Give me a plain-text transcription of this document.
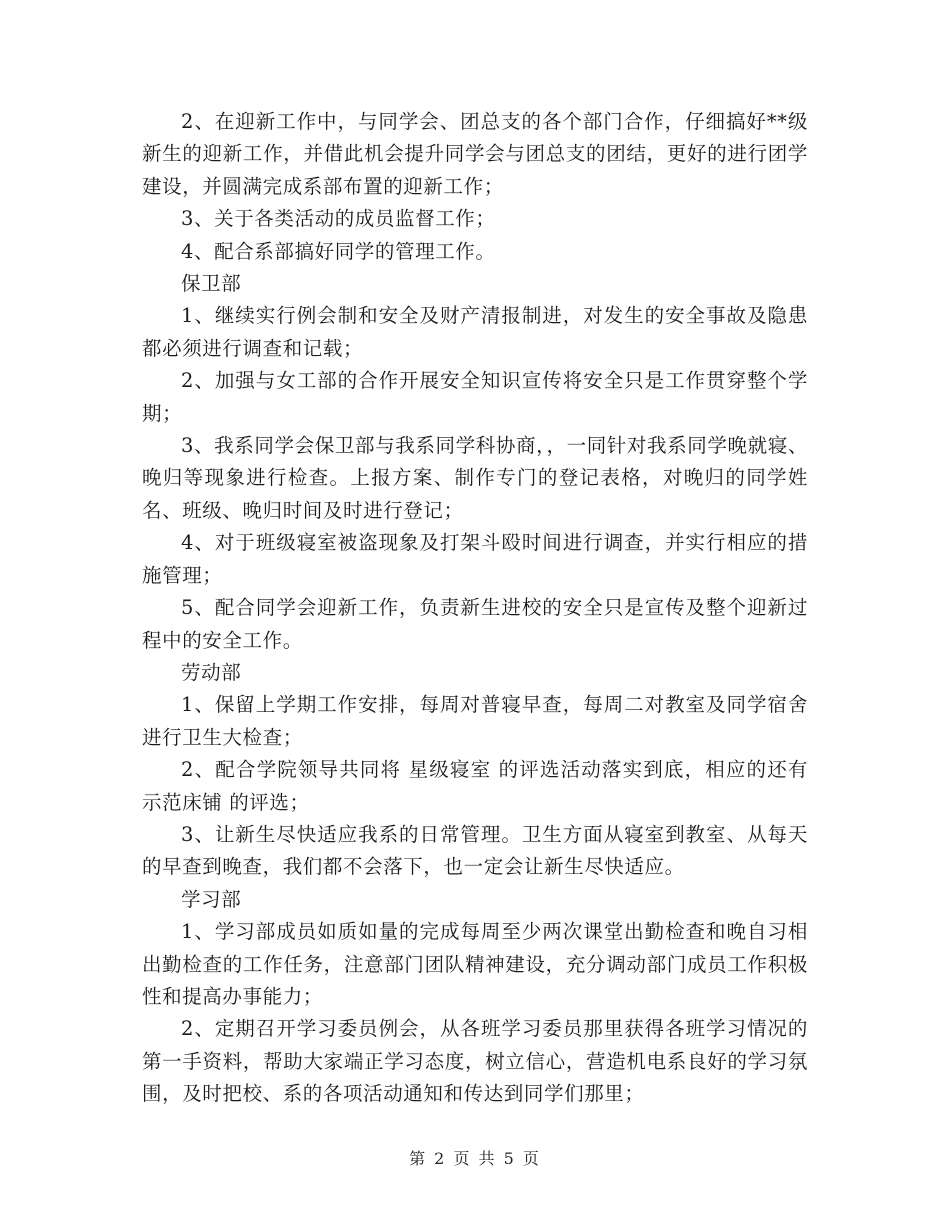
2、在迎新工作中，与同学会、团总支的各个部门合作，仔细搞好**级新生的迎新工作，并借此机会提升同学会与团总支的团结，更好的进行团学建设，并圆满完成系部布置的迎新工作；

3、关于各类活动的成员监督工作；

4、配合系部搞好同学的管理工作。

保卫部

1、继续实行例会制和安全及财产清报制进，对发生的安全事故及隐患都必须进行调查和记载；

2、加强与女工部的合作开展安全知识宣传将安全只是工作贯穿整个学期；

3、我系同学会保卫部与我系同学科协商，，一同针对我系同学晚就寝、晚归等现象进行检查。上报方案、制作专门的登记表格，对晚归的同学姓名、班级、晚归时间及时进行登记；

4、对于班级寝室被盗现象及打架斗殴时间进行调查，并实行相应的措施管理；

5、配合同学会迎新工作，负责新生进校的安全只是宣传及整个迎新过程中的安全工作。

劳动部

1、保留上学期工作安排，每周对普寝早查，每周二对教室及同学宿舍进行卫生大检查；

2、配合学院领导共同将 星级寝室 的评选活动落实到底，相应的还有 示范床铺 的评选；

3、让新生尽快适应我系的日常管理。卫生方面从寝室到教室、从每天的早查到晚查，我们都不会落下，也一定会让新生尽快适应。

学习部

1、学习部成员如质如量的完成每周至少两次课堂出勤检查和晚自习相出勤检查的工作任务，注意部门团队精神建设，充分调动部门成员工作积极性和提高办事能力；

2、定期召开学习委员例会，从各班学习委员那里获得各班学习情况的第一手资料，帮助大家端正学习态度，树立信心，营造机电系良好的学习氛围，及时把校、系的各项活动通知和传达到同学们那里；

第 2 页 共 5 页
